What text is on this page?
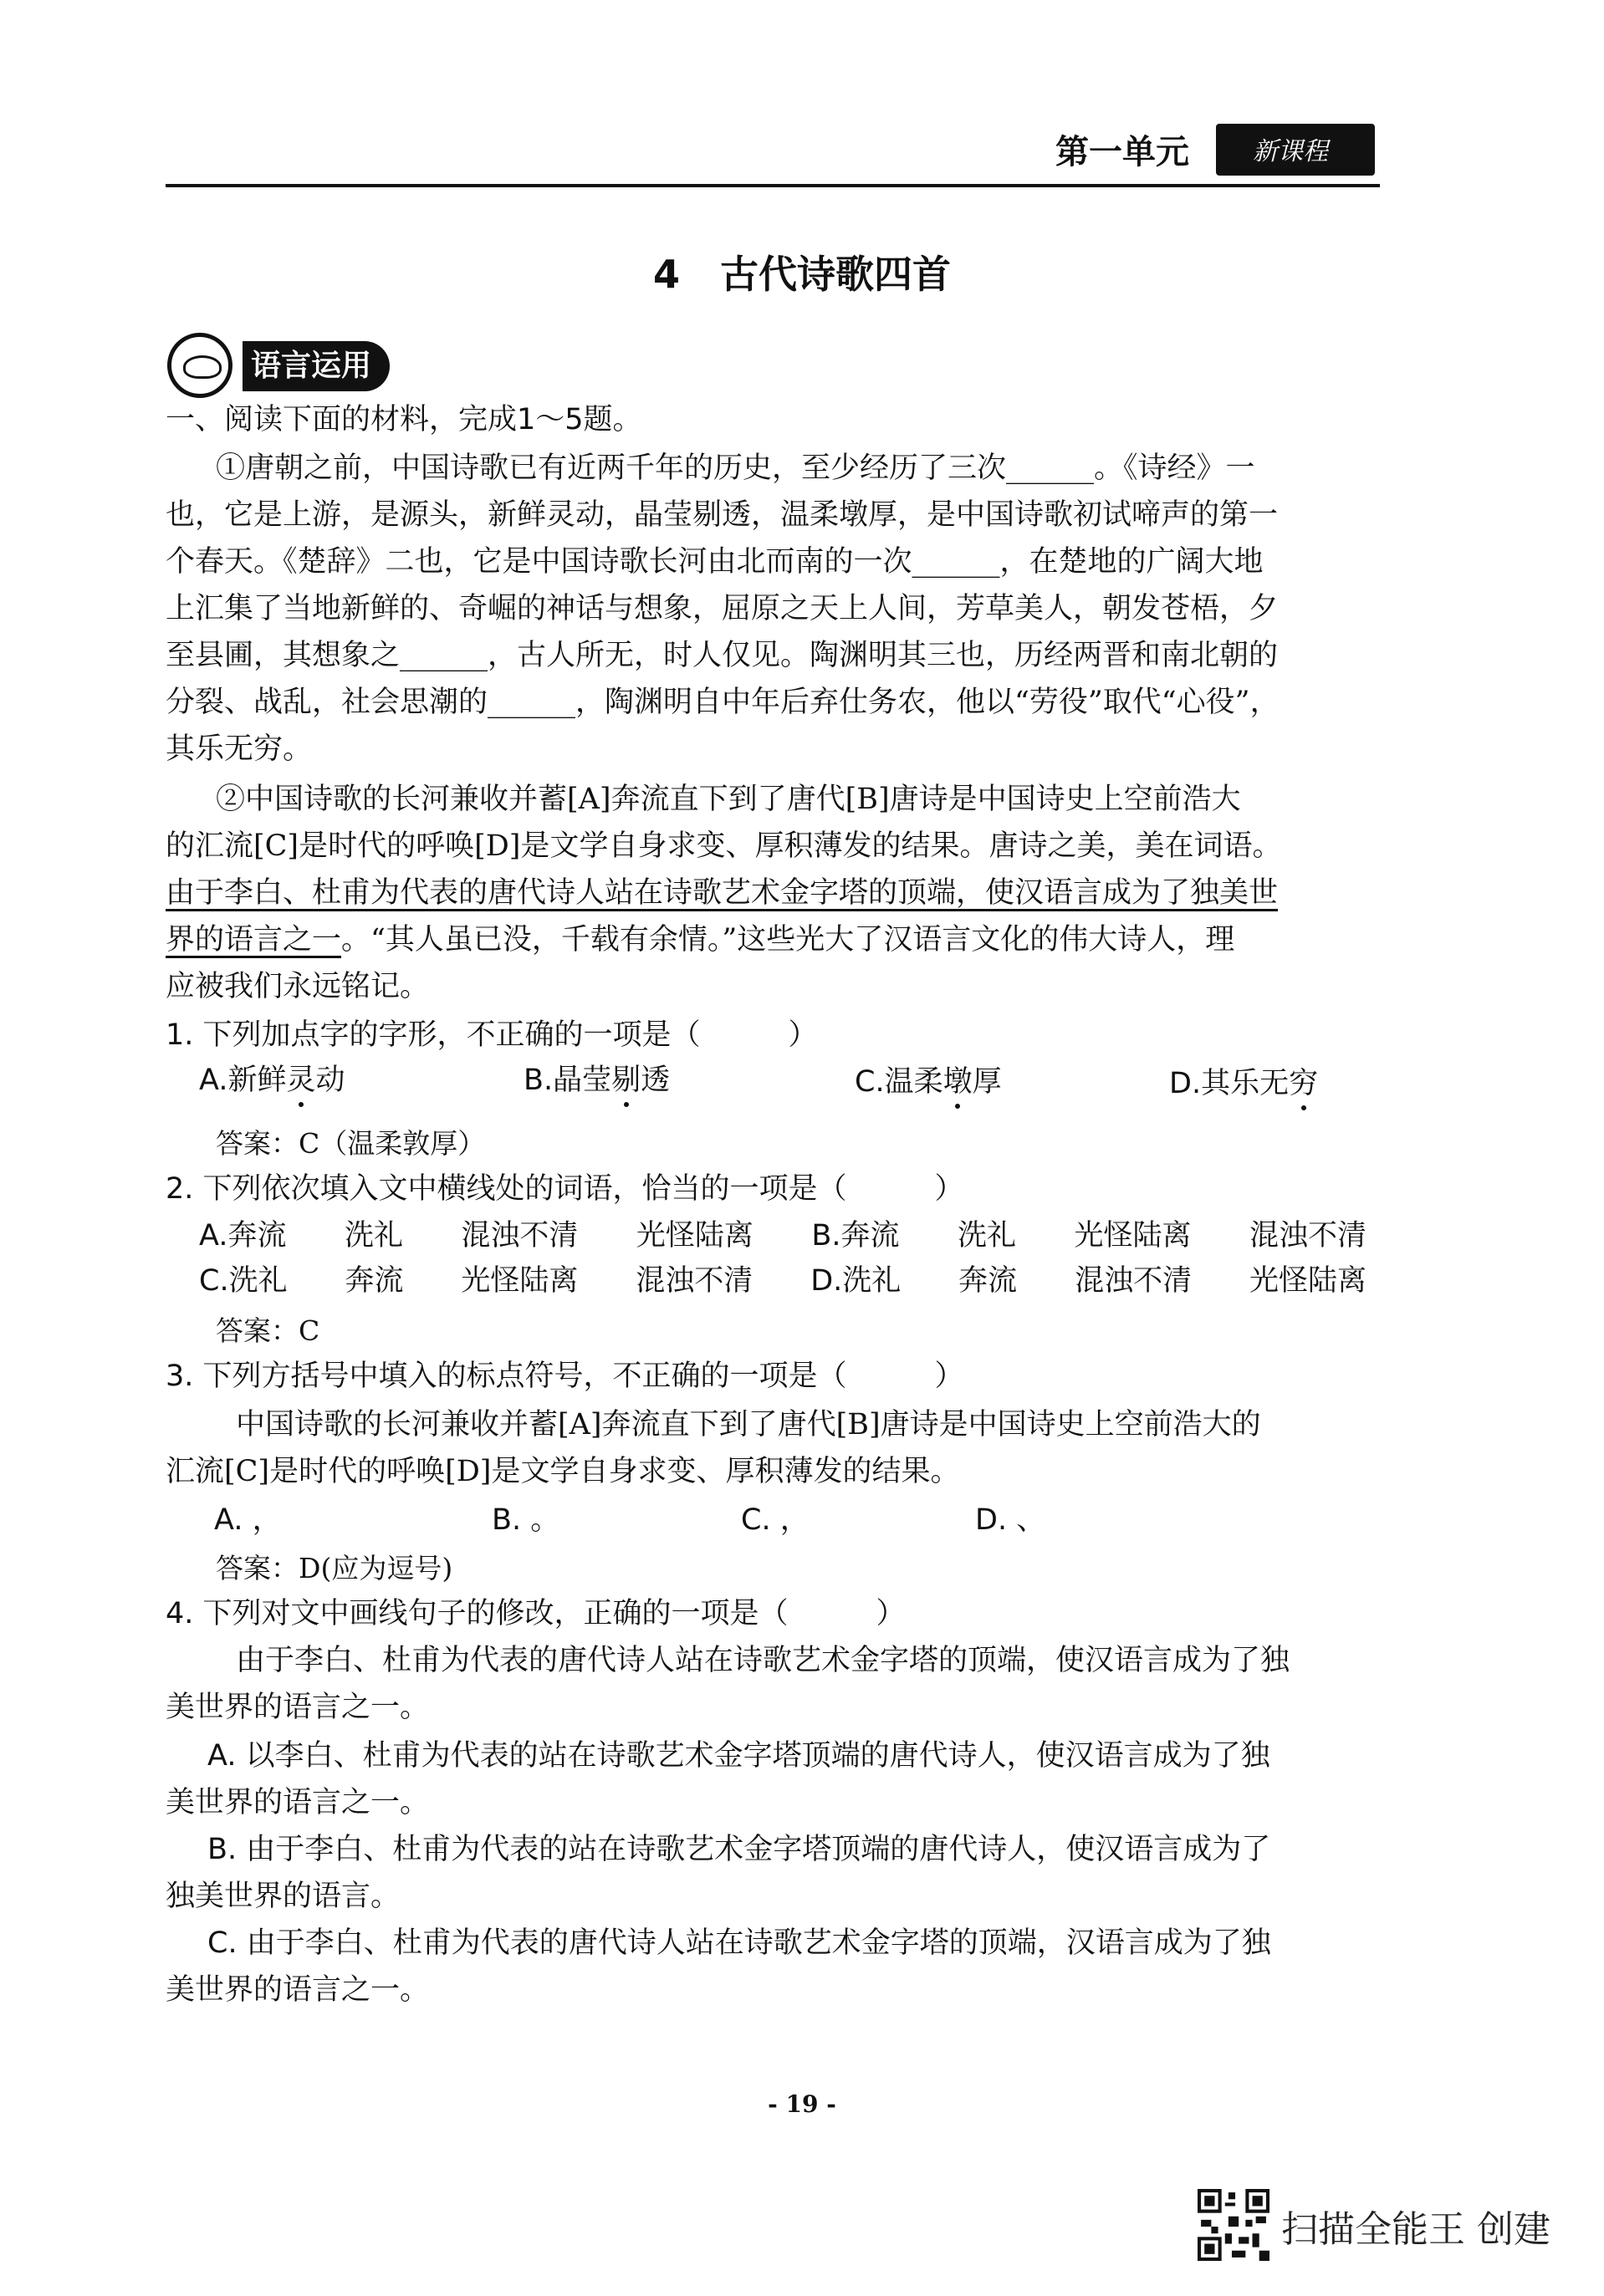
第一单元	新课程
4 古代诗歌四首
语言运用
一、阅读下面的材料，完成1～5题。
①唐朝之前，中国诗歌已有近两千年的历史，至少经历了三次______。《诗经》一
也，它是上游，是源头，新鲜灵动，晶莹剔透，温柔墩厚，是中国诗歌初试啼声的第一
个春天。《楚辞》二也，它是中国诗歌长河由北而南的一次______，在楚地的广阔大地
上汇集了当地新鲜的、奇崛的神话与想象，屈原之天上人间，芳草美人，朝发苍梧，夕
至县圃，其想象之______，古人所无，时人仅见。陶渊明其三也，历经两晋和南北朝的
分裂、战乱，社会思潮的______，陶渊明自中年后弃仕务农，他以“劳役”取代“心役”，
其乐无穷。
②中国诗歌的长河兼收并蓄[A]奔流直下到了唐代[B]唐诗是中国诗史上空前浩大
的汇流[C]是时代的呼唤[D]是文学自身求变、厚积薄发的结果。唐诗之美，美在词语。
由于李白、杜甫为代表的唐代诗人站在诗歌艺术金字塔的顶端，使汉语言成为了独美世
界的语言之一。“其人虽已没，千载有余情。”这些光大了汉语言文化的伟大诗人，理
应被我们永远铭记。
1. 下列加点字的字形，不正确的一项是（　　　）
A.新鲜灵动	B.晶莹剔透	C.温柔墩厚	D.其乐无穷
答案：C（温柔敦厚）
2. 下列依次填入文中横线处的词语，恰当的一项是（　　　）
A.奔流 洗礼 混浊不清 光怪陆离 B.奔流 洗礼 光怪陆离 混浊不清
C.洗礼 奔流 光怪陆离 混浊不清 D.洗礼 奔流 混浊不清 光怪陆离
答案：C
3. 下列方括号中填入的标点符号，不正确的一项是（　　　）
中国诗歌的长河兼收并蓄[A]奔流直下到了唐代[B]唐诗是中国诗史上空前浩大的
汇流[C]是时代的呼唤[D]是文学自身求变、厚积薄发的结果。
A. ，	B. 。	C. ，	D. 、
答案：D(应为逗号)
4. 下列对文中画线句子的修改，正确的一项是（　　　）
由于李白、杜甫为代表的唐代诗人站在诗歌艺术金字塔的顶端，使汉语言成为了独
美世界的语言之一。
A. 以李白、杜甫为代表的站在诗歌艺术金字塔顶端的唐代诗人，使汉语言成为了独
美世界的语言之一。
B. 由于李白、杜甫为代表的站在诗歌艺术金字塔顶端的唐代诗人，使汉语言成为了
独美世界的语言。
C. 由于李白、杜甫为代表的唐代诗人站在诗歌艺术金字塔的顶端，汉语言成为了独
美世界的语言之一。
- 19 -
扫描全能王 创建
